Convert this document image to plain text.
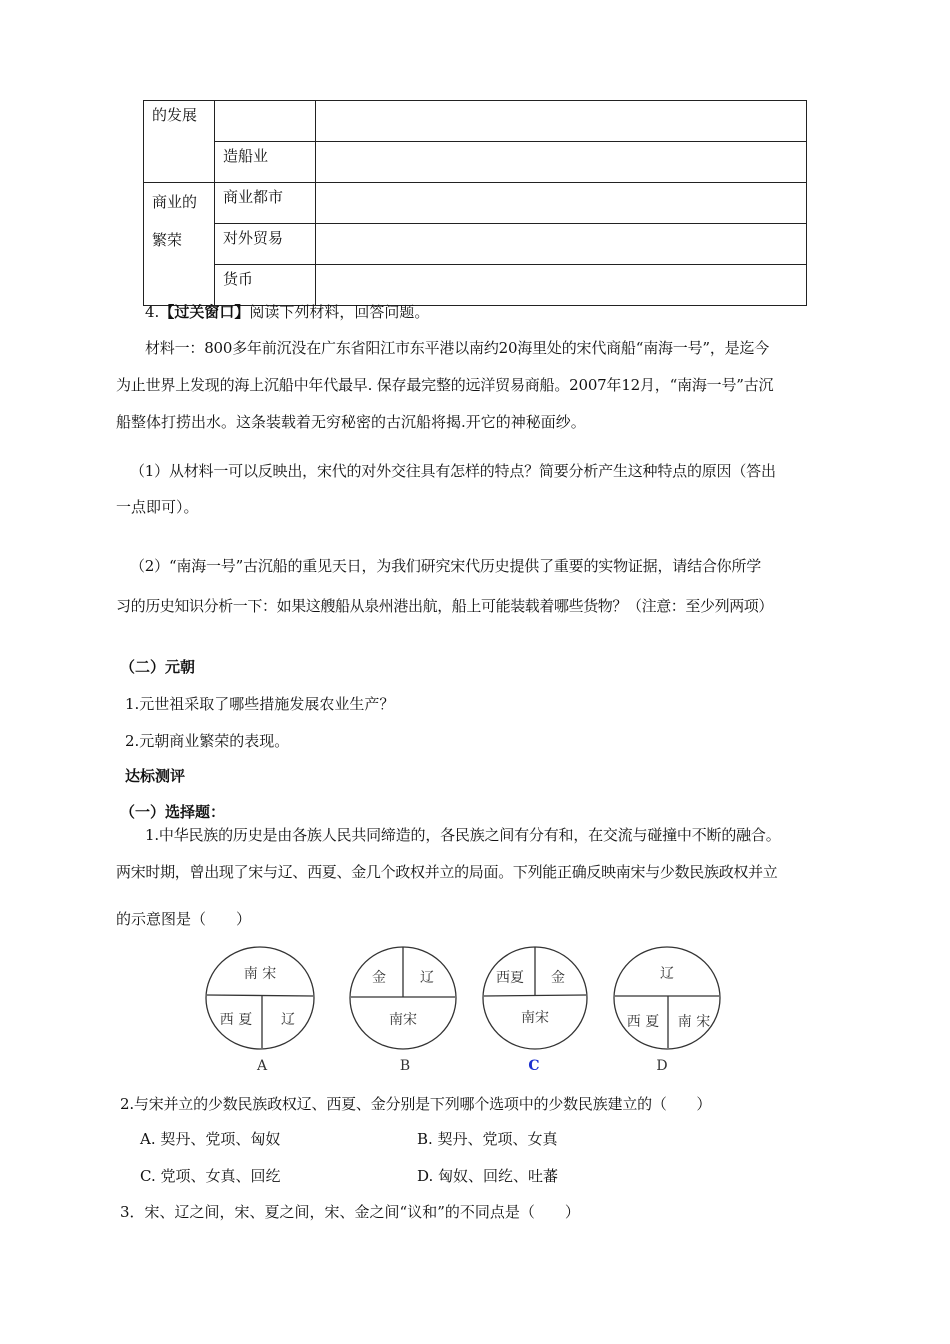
的发展		
	造船业	
商业的
繁荣	商业都市	
	对外贸易	
	货币	
4.【过关窗口】阅读下列材料，回答问题。
材料一：800多年前沉没在广东省阳江市东平港以南约20海里处的宋代商船“南海一号”，是迄今
为止世界上发现的海上沉船中年代最早. 保存最完整的远洋贸易商船。2007年12月，“南海一号”古沉
船整体打捞出水。这条装载着无穷秘密的古沉船将揭.开它的神秘面纱。
（1）从材料一可以反映出，宋代的对外交往具有怎样的特点？简要分析产生这种特点的原因（答出
一点即可）。
（2）“南海一号”古沉船的重见天日，为我们研究宋代历史提供了重要的实物证据，请结合你所学
习的历史知识分析一下：如果这艘船从泉州港出航，船上可能装载着哪些货物？（注意：至少列两项）
（二）元朝
1.元世祖采取了哪些措施发展农业生产？
2.元朝商业繁荣的表现。
达标测评
（一）选择题：
1.中华民族的历史是由各族人民共同缔造的，各民族之间有分有和，在交流与碰撞中不断的融合。
两宋时期，曾出现了宋与辽、西夏、金几个政权并立的局面。下列能正确反映南宋与少数民族政权并立
的示意图是（　　）
南 宋
西 夏 辽
A
金 辽
南宋
B
西夏 金
南宋
C
辽
西 夏 南 宋
D
2.与宋并立的少数民族政权辽、西夏、金分别是下列哪个选项中的少数民族建立的（　　）
A. 契丹、党项、匈奴	B. 契丹、党项、女真
C. 党项、女真、回纥	D. 匈奴、回纥、吐蕃
3．宋、辽之间，宋、夏之间，宋、金之间“议和”的不同点是（　　）
